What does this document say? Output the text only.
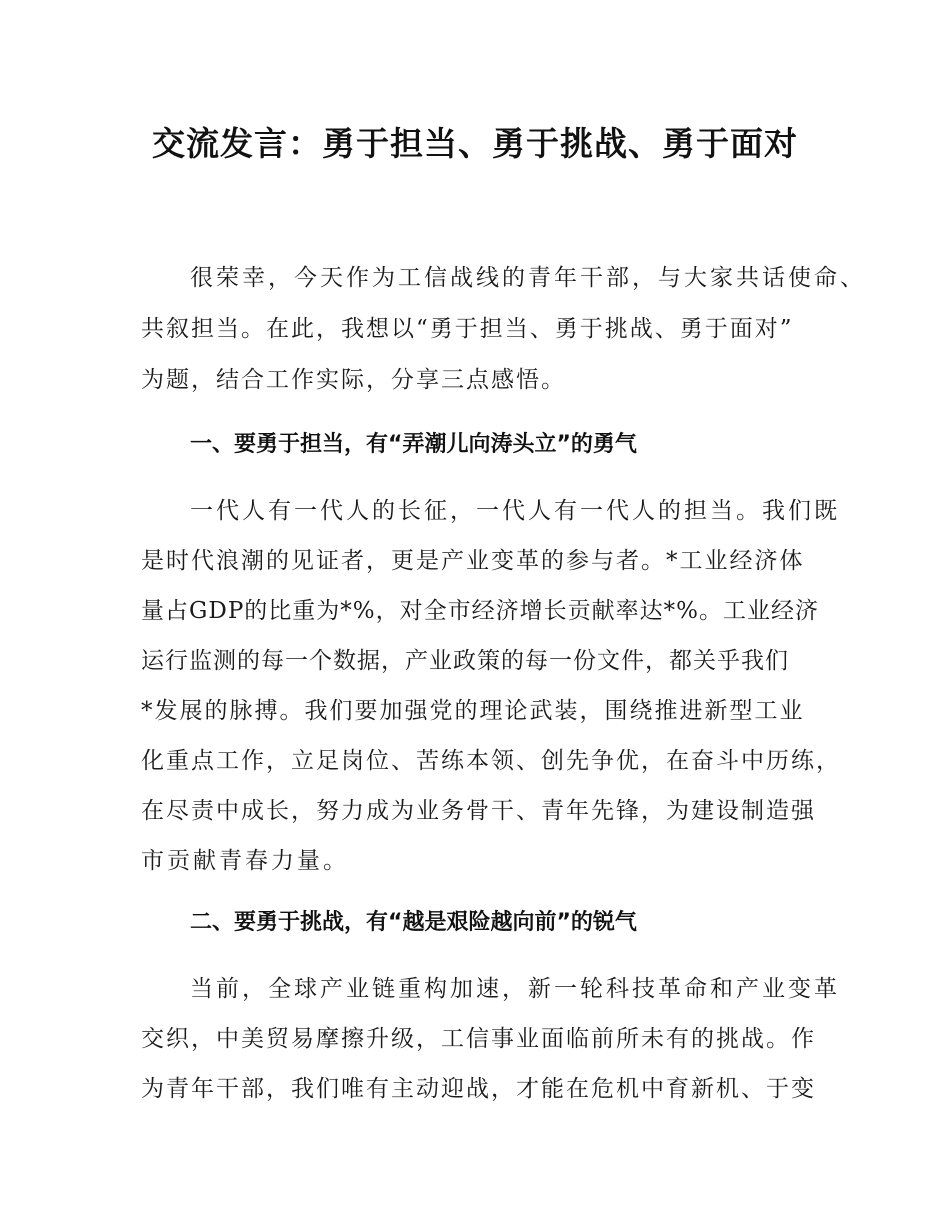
交流发言：勇于担当、勇于挑战、勇于面对
很荣幸，今天作为工信战线的青年干部，与大家共话使命、
共叙担当。在此，我想以“勇于担当、勇于挑战、勇于面对”
为题，结合工作实际，分享三点感悟。
一、要勇于担当，有“弄潮儿向涛头立”的勇气
一代人有一代人的长征，一代人有一代人的担当。我们既
是时代浪潮的见证者，更是产业变革的参与者。*工业经济体
量占GDP的比重为*%，对全市经济增长贡献率达*%。工业经济
运行监测的每一个数据，产业政策的每一份文件，都关乎我们
*发展的脉搏。我们要加强党的理论武装，围绕推进新型工业
化重点工作，立足岗位、苦练本领、创先争优，在奋斗中历练，
在尽责中成长，努力成为业务骨干、青年先锋，为建设制造强
市贡献青春力量。
二、要勇于挑战，有“越是艰险越向前”的锐气
当前，全球产业链重构加速，新一轮科技革命和产业变革
交织，中美贸易摩擦升级，工信事业面临前所未有的挑战。作
为青年干部，我们唯有主动迎战，才能在危机中育新机、于变
